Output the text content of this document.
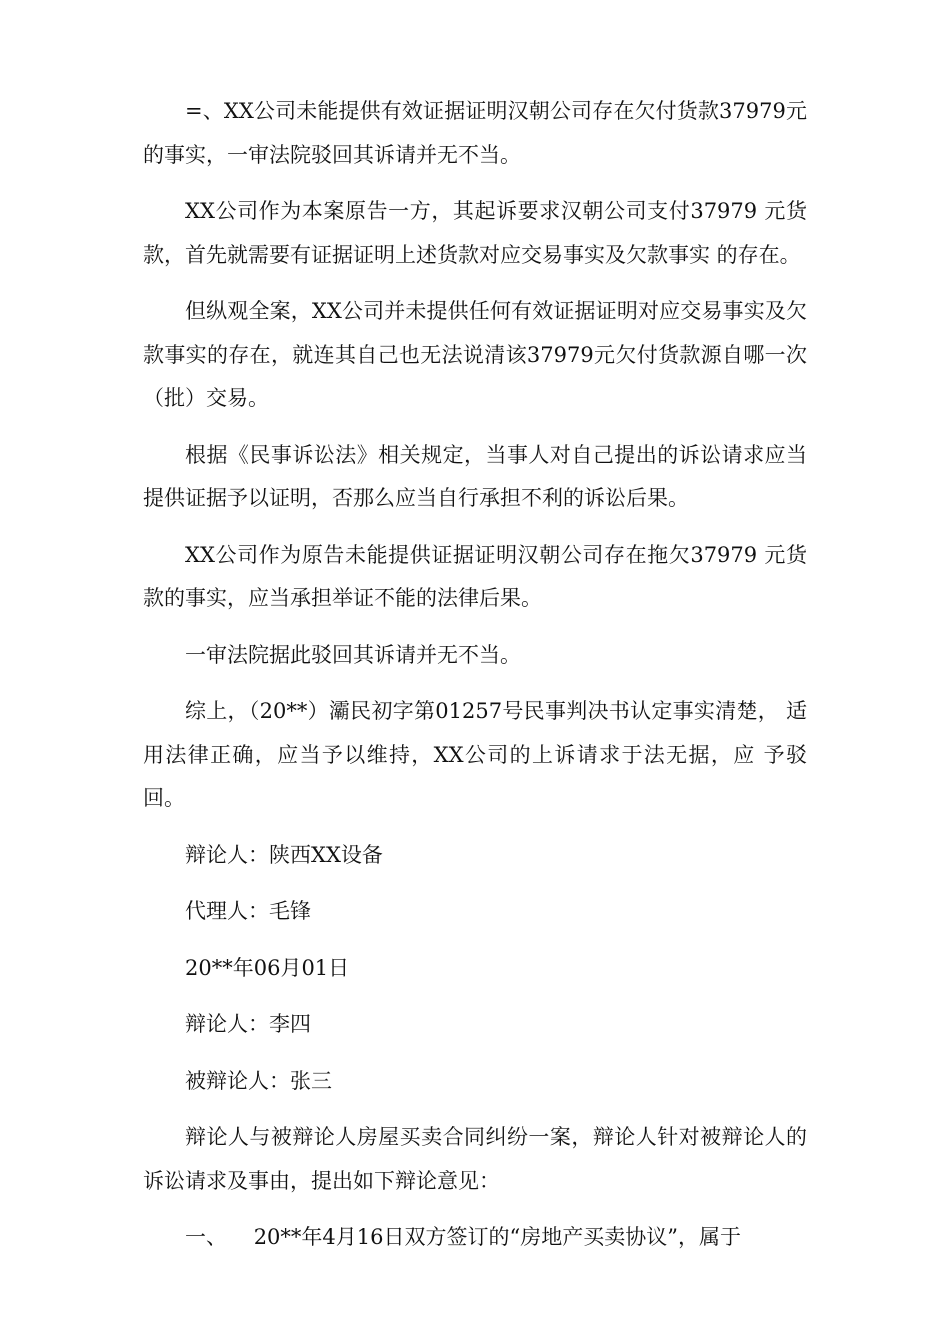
=、XX公司未能提供有效证据证明汉朝公司存在欠付货款37979元的事实，一审法院驳回其诉请并无不当。

XX公司作为本案原告一方，其起诉要求汉朝公司支付37979 元货款，首先就需要有证据证明上述货款对应交易事实及欠款事实 的存在。

但纵观全案，XX公司并未提供任何有效证据证明对应交易事实及欠款事实的存在，就连其自己也无法说清该37979元欠付货款源自哪一次（批）交易。

根据《民事诉讼法》相关规定，当事人对自己提出的诉讼请求应当提供证据予以证明，否那么应当自行承担不利的诉讼后果。

XX公司作为原告未能提供证据证明汉朝公司存在拖欠37979 元货款的事实，应当承担举证不能的法律后果。

一审法院据此驳回其诉请并无不当。

综上，（20**）灞民初字第01257号民事判决书认定事实清楚， 适用法律正确，应当予以维持，XX公司的上诉请求于法无据，应 予驳回。

辩论人：陕西XX设备

代理人：毛锋

20**年06月01日

辩论人：李四

被辩论人：张三

辩论人与被辩论人房屋买卖合同纠纷一案，辩论人针对被辩论人的诉讼请求及事由，提出如下辩论意见：

一、    20**年4月16日双方签订的“房地产买卖协议”，属于
